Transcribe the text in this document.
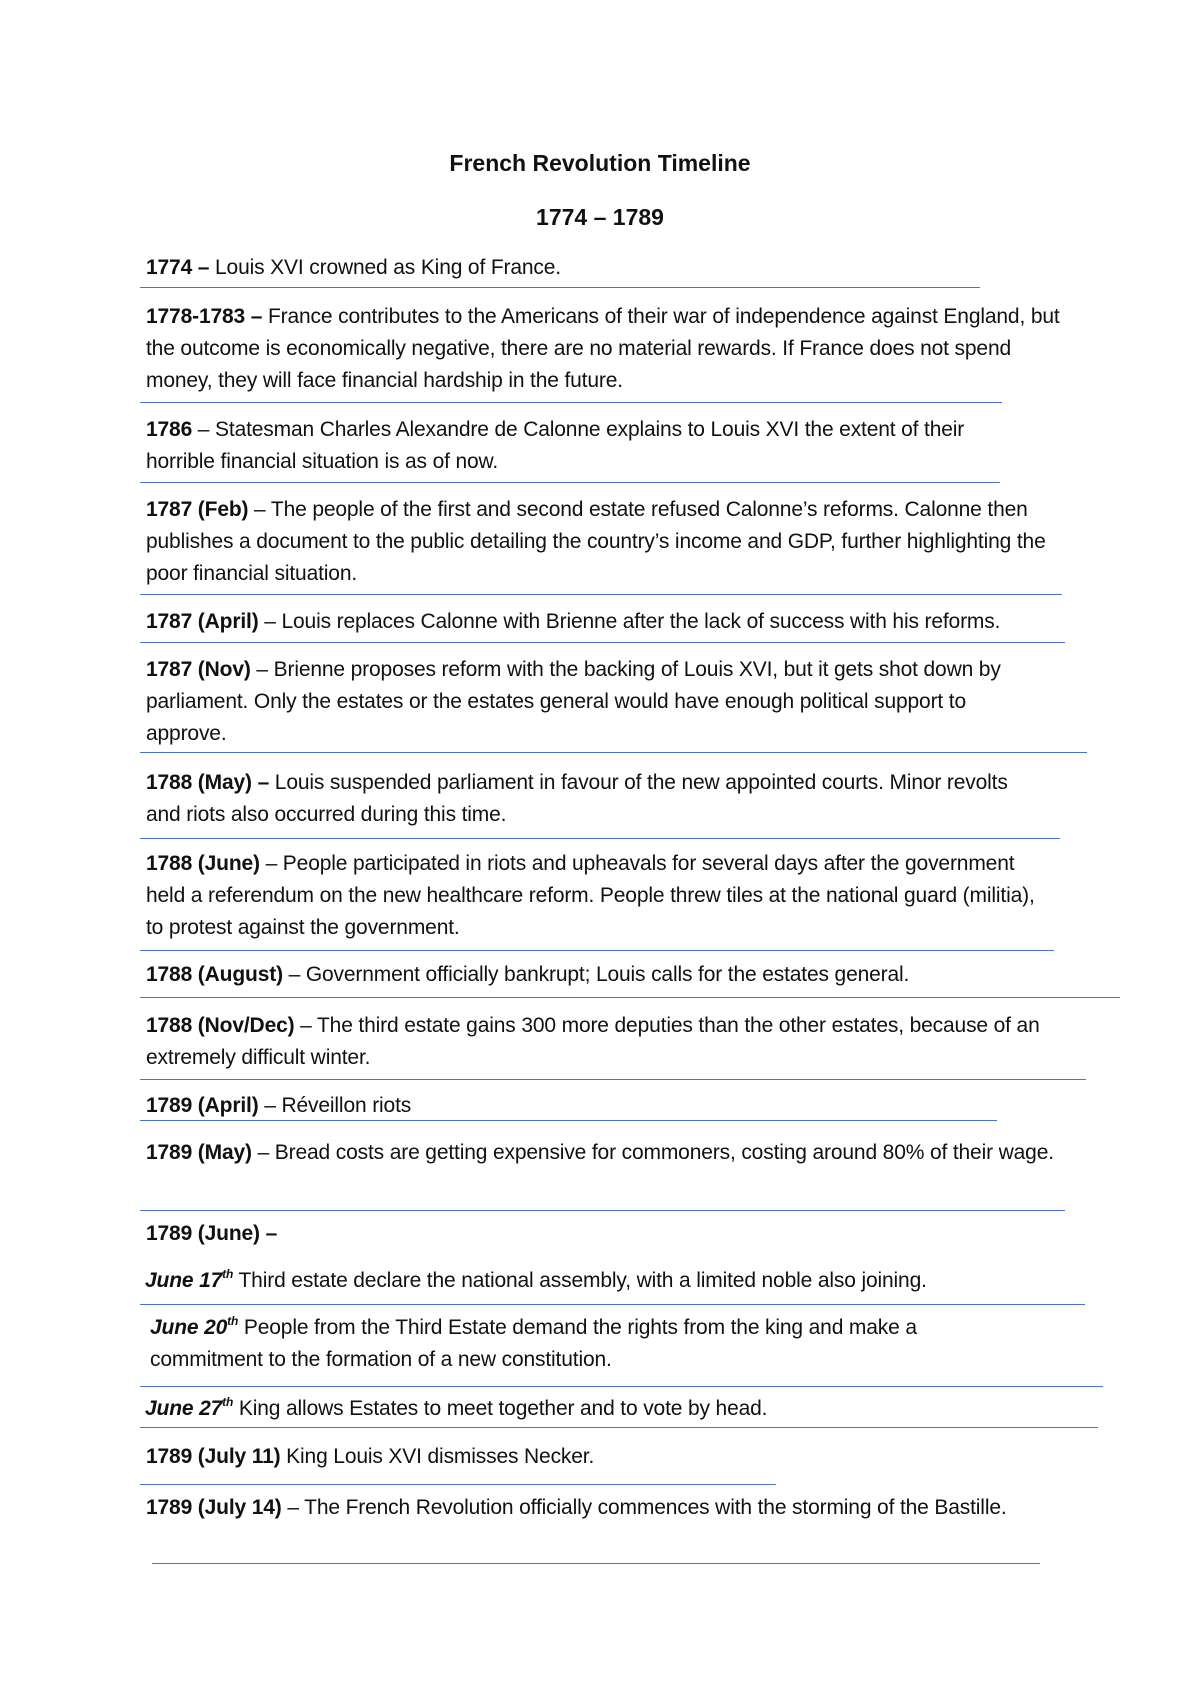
French Revolution Timeline
1774 – 1789
1774 – Louis XVI crowned as King of France.
1778-1783 – France contributes to the Americans of their war of independence against England, but the outcome is economically negative, there are no material rewards. If France does not spend money, they will face financial hardship in the future.
1786 – Statesman Charles Alexandre de Calonne explains to Louis XVI the extent of their horrible financial situation is as of now.
1787 (Feb) – The people of the first and second estate refused Calonne’s reforms. Calonne then publishes a document to the public detailing the country’s income and GDP, further highlighting the poor financial situation.
1787 (April) – Louis replaces Calonne with Brienne after the lack of success with his reforms.
1787 (Nov) – Brienne proposes reform with the backing of Louis XVI, but it gets shot down by parliament. Only the estates or the estates general would have enough political support to approve.
1788 (May) – Louis suspended parliament in favour of the new appointed courts. Minor revolts and riots also occurred during this time.
1788 (June) – People participated in riots and upheavals for several days after the government held a referendum on the new healthcare reform. People threw tiles at the national guard (militia), to protest against the government.
1788 (August) – Government officially bankrupt; Louis calls for the estates general.
1788 (Nov/Dec) – The third estate gains 300 more deputies than the other estates, because of an extremely difficult winter.
1789 (April) – Réveillon riots
1789 (May) – Bread costs are getting expensive for commoners, costing around 80% of their wage.
1789 (June) –
June 17th Third estate declare the national assembly, with a limited noble also joining.
June 20th People from the Third Estate demand the rights from the king and make a commitment to the formation of a new constitution.
June 27th King allows Estates to meet together and to vote by head.
1789 (July 11) King Louis XVI dismisses Necker.
1789 (July 14) – The French Revolution officially commences with the storming of the Bastille.
